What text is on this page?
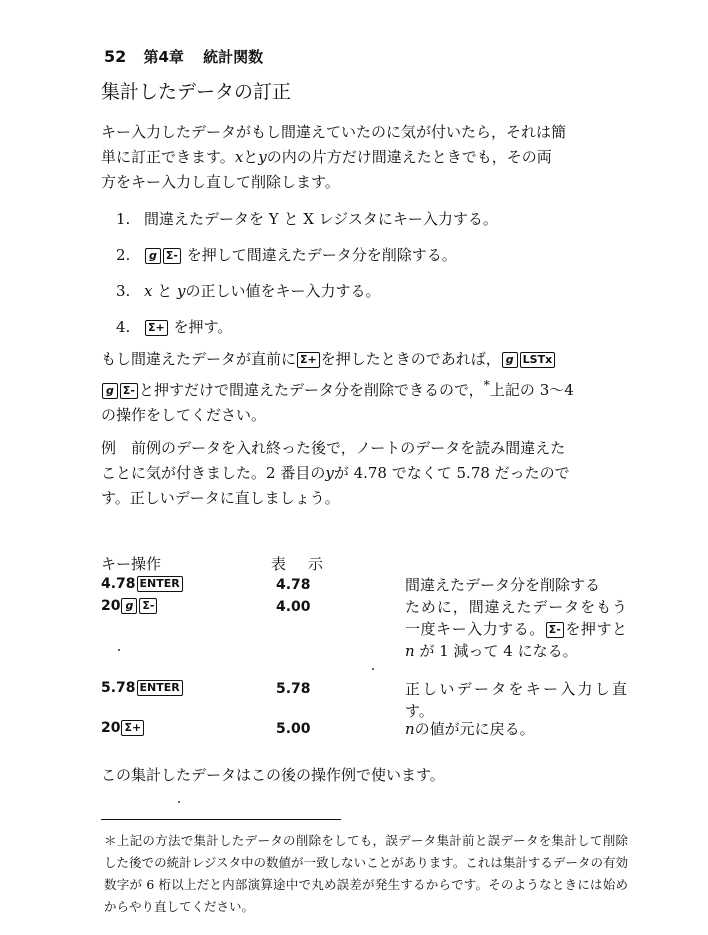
52 第4章 統計関数
集計したデータの訂正
キー入力したデータがもし間違えていたのに気が付いたら，それは簡
単に訂正できます。xとyの内の片方だけ間違えたときでも，その両
方をキー入力し直して削除します。
1. 間違えたデータを Y と X レジスタにキー入力する。
2. g Σ- を押して間違えたデータ分を削除する。
3. x と yの正しい値をキー入力する。
4. Σ+ を押す。
もし間違えたデータが直前に Σ+ を押したときのであれば， g LSTx
g Σ- と押すだけで間違えたデータ分を削除できるので，*上記の 3〜4
の操作をしてください。
例　 前例のデータを入れ終った後で，ノートのデータを読み間違えた
ことに気が付きました。2 番目のyが 4.78 でなくて 5.78 だったので
す。正しいデータに直しましょう。
キー操作	表示
4.78 ENTER	4.78	間違えたデータ分を削除する
20 g Σ-	4.00	ために，間違えたデータをもう一度キー入力する。 Σ- を押すと n が 1 減って 4 になる。
5.78 ENTER	5.78	正しいデータをキー入力し直す。
20 Σ+	5.00	nの値が元に戻る。
この集計したデータはこの後の操作例で使います。
＊上記の方法で集計したデータの削除をしても，誤データ集計前と誤データを集計して削除した後での統計レジスタ中の数値が一致しないことがあります。これは集計するデータの有効数字が 6 桁以上だと内部演算途中で丸め誤差が発生するからです。そのようなときには始めからやり直してください。
